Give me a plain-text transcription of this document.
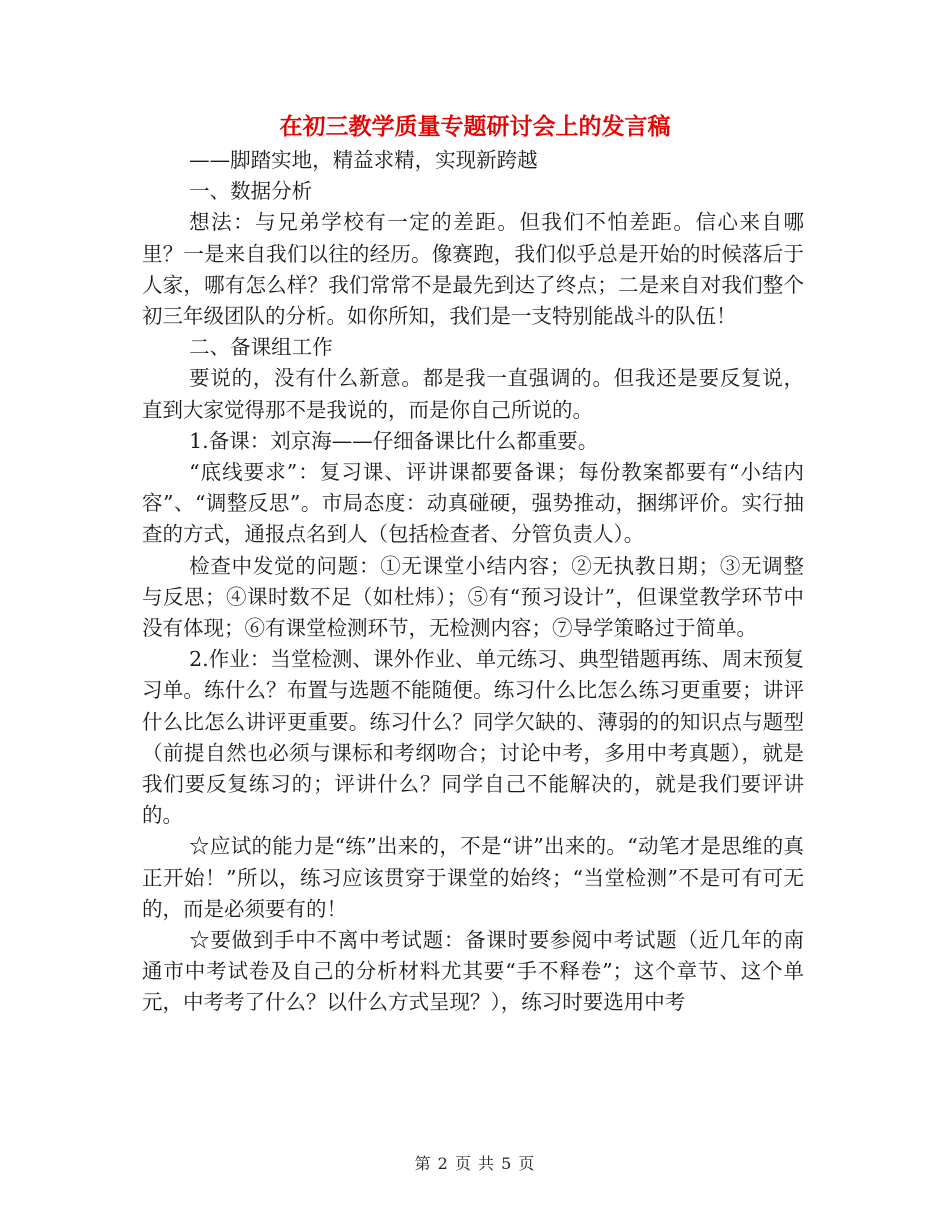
在初三教学质量专题研讨会上的发言稿

——脚踏实地，精益求精，实现新跨越

一、数据分析

想法：与兄弟学校有一定的差距。但我们不怕差距。信心来自哪里？一是来自我们以往的经历。像赛跑，我们似乎总是开始的时候落后于人家，哪有怎么样？我们常常不是最先到达了终点；二是来自对我们整个初三年级团队的分析。如你所知，我们是一支特别能战斗的队伍！

二、备课组工作

要说的，没有什么新意。都是我一直强调的。但我还是要反复说，直到大家觉得那不是我说的，而是你自己所说的。

1.备课：刘京海——仔细备课比什么都重要。

“底线要求”：复习课、评讲课都要备课；每份教案都要有“小结内容”、“调整反思”。市局态度：动真碰硬，强势推动，捆绑评价。实行抽查的方式，通报点名到人（包括检查者、分管负责人）。

检查中发觉的问题：①无课堂小结内容；②无执教日期；③无调整与反思；④课时数不足（如杜炜）；⑤有“预习设计”，但课堂教学环节中没有体现；⑥有课堂检测环节，无检测内容；⑦导学策略过于简单。

2.作业：当堂检测、课外作业、单元练习、典型错题再练、周末预复习单。练什么？布置与选题不能随便。练习什么比怎么练习更重要；讲评什么比怎么讲评更重要。练习什么？同学欠缺的、薄弱的的知识点与题型（前提自然也必须与课标和考纲吻合；讨论中考，多用中考真题），就是我们要反复练习的；评讲什么？同学自己不能解决的，就是我们要评讲的。

☆应试的能力是“练”出来的，不是“讲”出来的。“动笔才是思维的真正开始！”所以，练习应该贯穿于课堂的始终；“当堂检测”不是可有可无的，而是必须要有的！

☆要做到手中不离中考试题：备课时要参阅中考试题（近几年的南通市中考试卷及自己的分析材料尤其要“手不释卷”；这个章节、这个单元，中考考了什么？以什么方式呈现？），练习时要选用中考

第 2 页 共 5 页
